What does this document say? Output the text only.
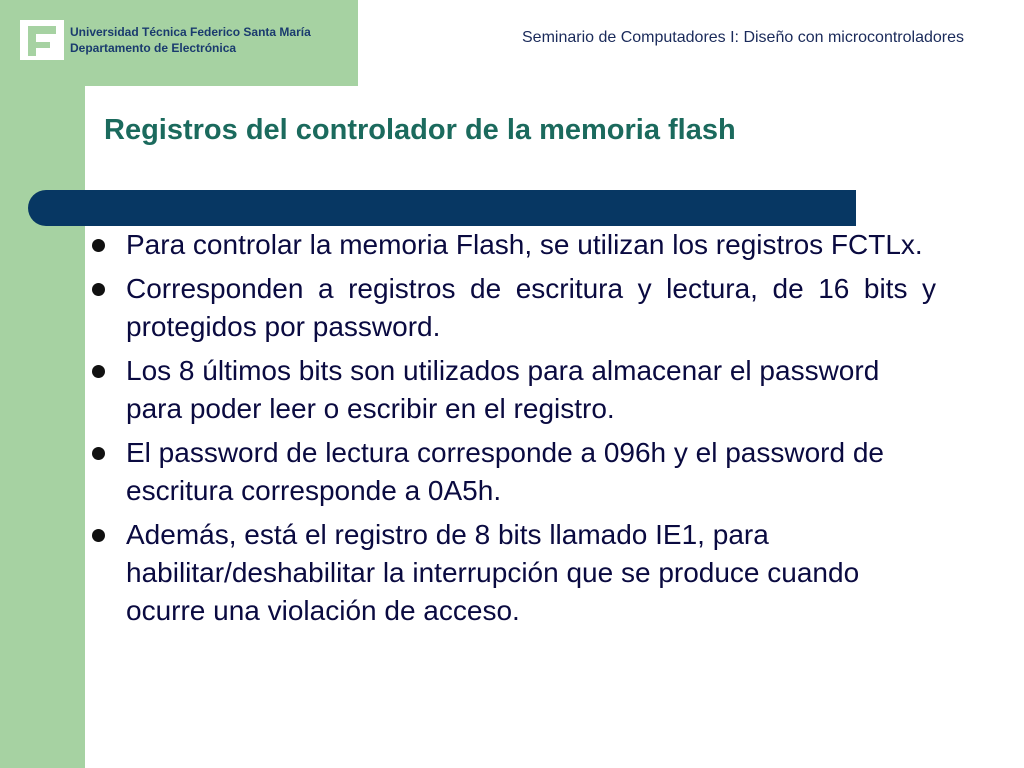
Universidad Técnica Federico Santa María
Departamento de Electrónica
Seminario de Computadores I: Diseño con microcontroladores
Registros del controlador de la memoria flash
Para controlar la memoria Flash, se utilizan los registros FCTLx.
Corresponden a registros de escritura y lectura, de 16 bits y protegidos por password.
Los 8 últimos bits son utilizados para almacenar el password para poder leer o escribir en el registro.
El password de lectura corresponde a 096h y el password de escritura corresponde a 0A5h.
Además, está el registro de 8 bits llamado IE1, para habilitar/deshabilitar la interrupción que se produce cuando ocurre una violación de acceso.
